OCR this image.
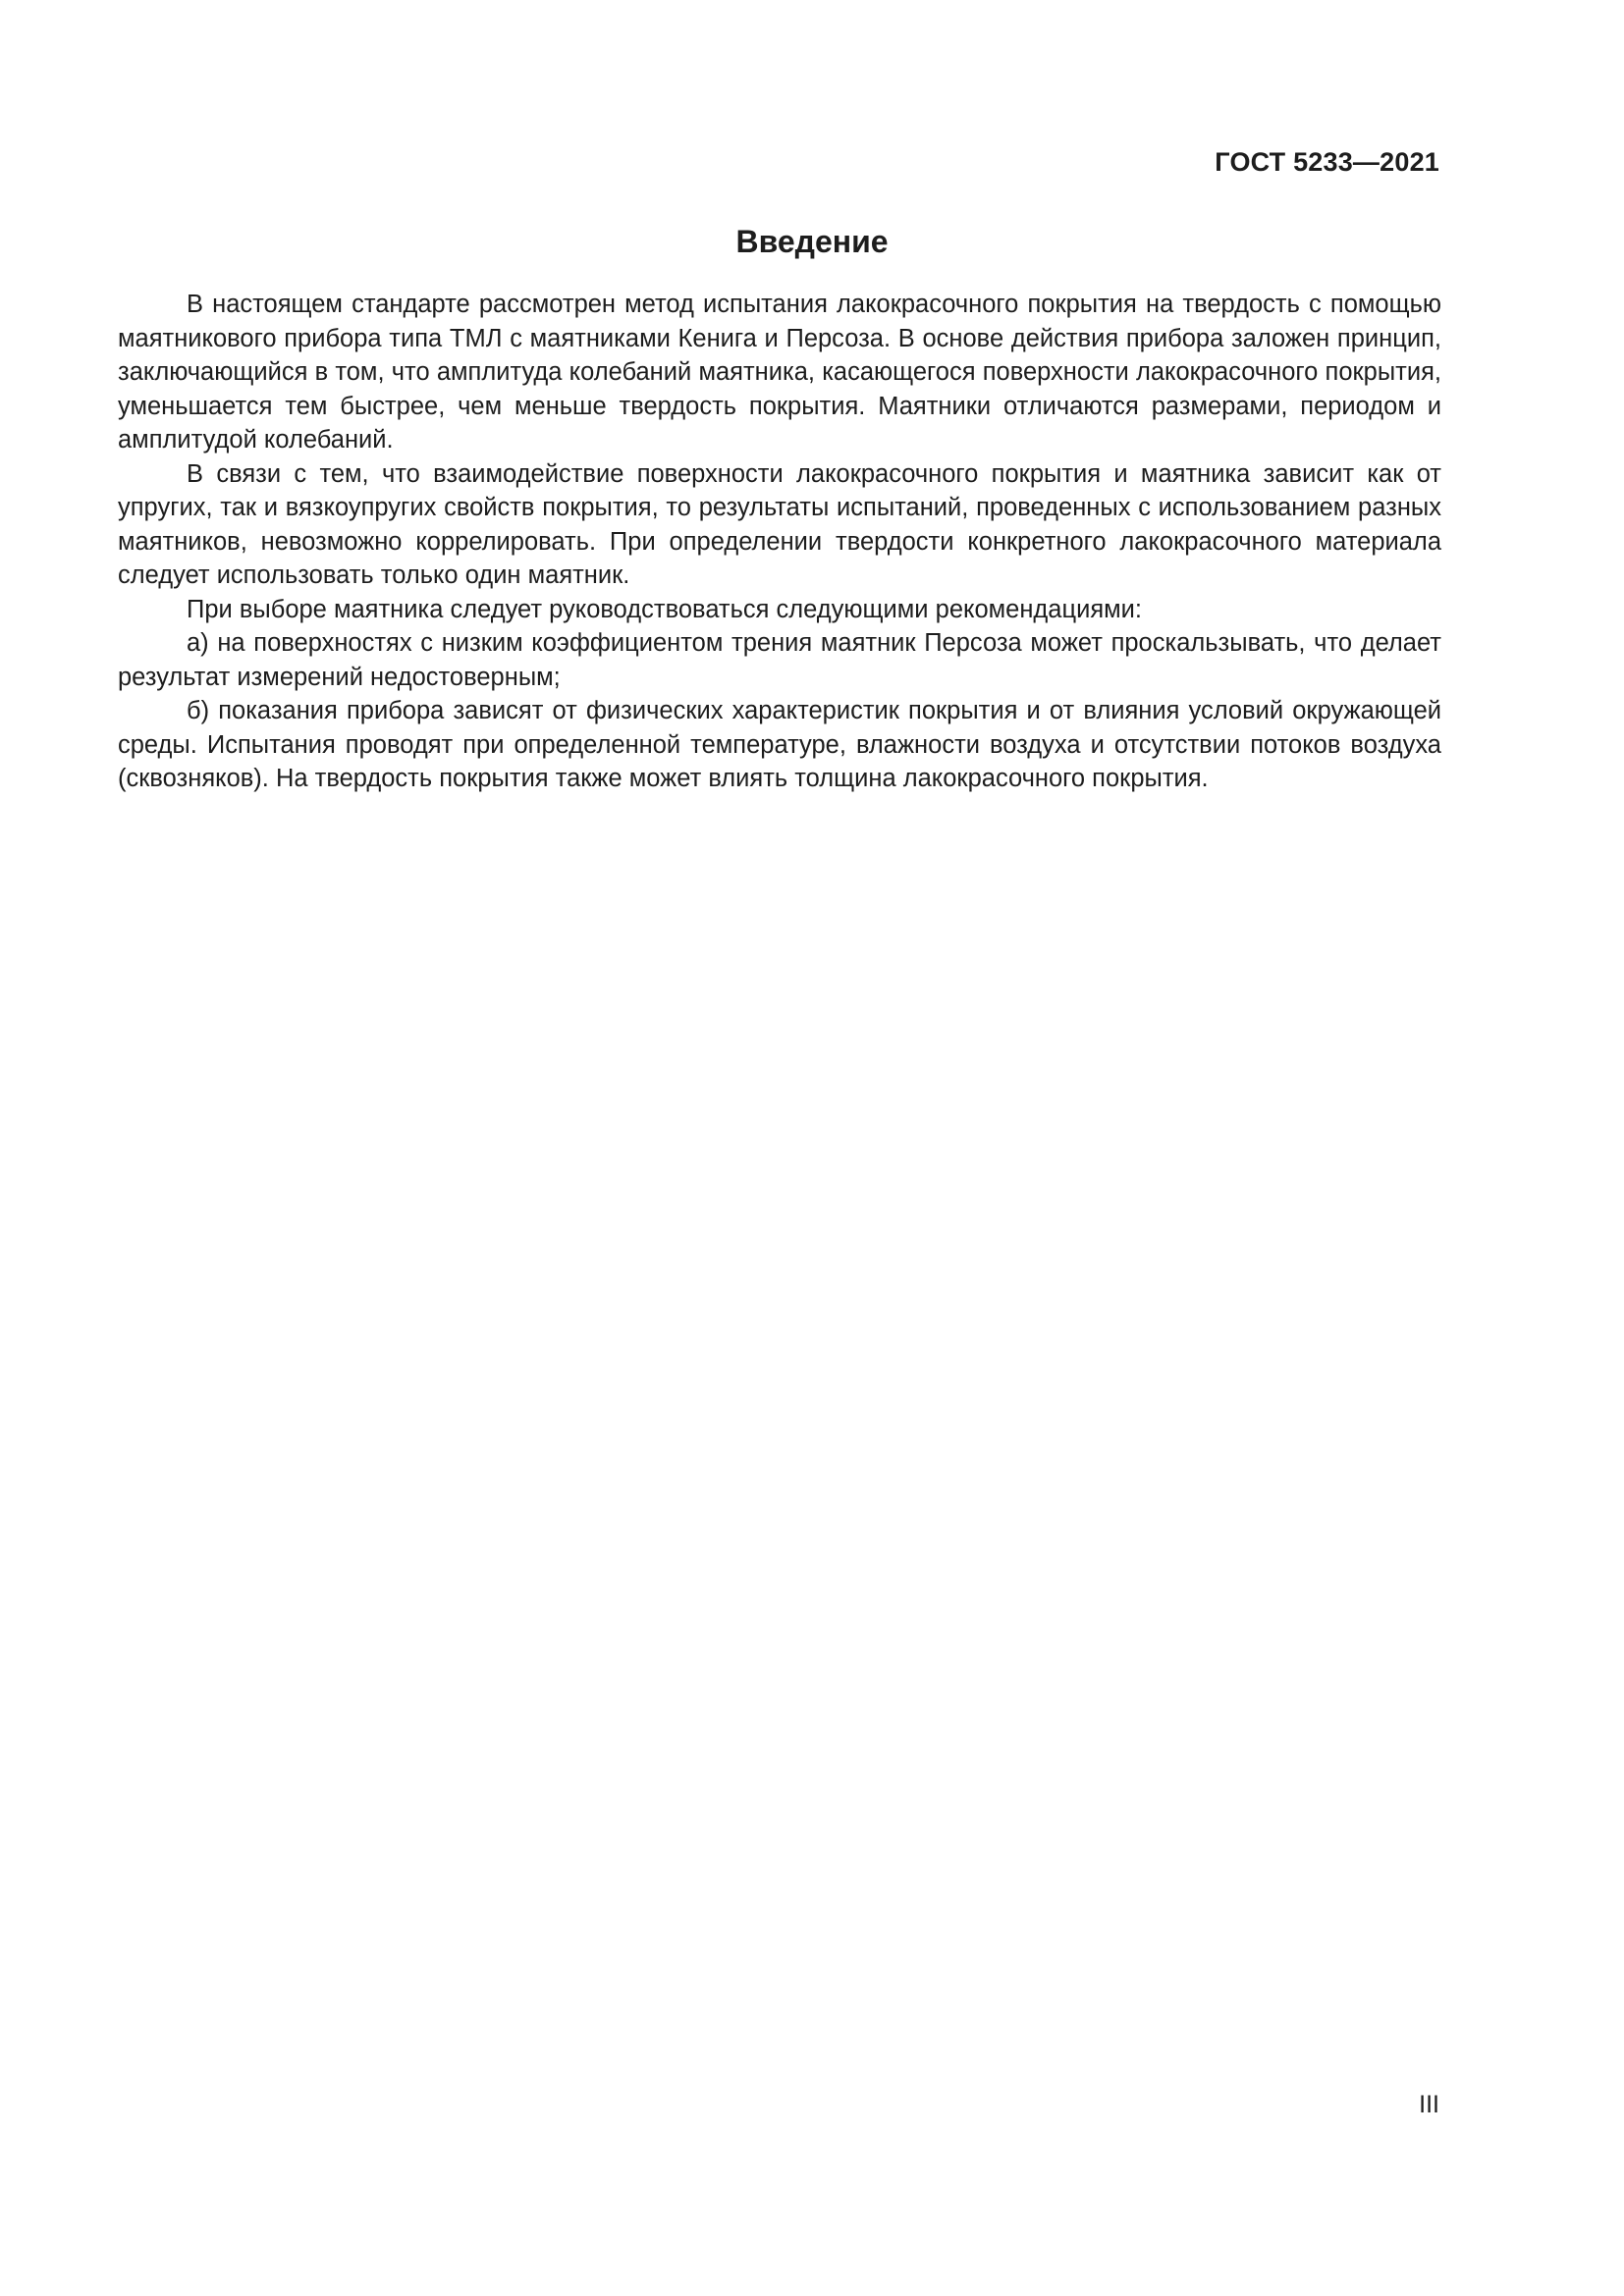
ГОСТ 5233—2021
Введение

В настоящем стандарте рассмотрен метод испытания лакокрасочного покрытия на твердость с помощью маятникового прибора типа ТМЛ с маятниками Кенига и Персоза. В основе действия прибора заложен принцип, заключающийся в том, что амплитуда колебаний маятника, касающегося поверхности лакокрасочного покрытия, уменьшается тем быстрее, чем меньше твердость покрытия. Маятники отличаются размерами, периодом и амплитудой колебаний.

В связи с тем, что взаимодействие поверхности лакокрасочного покрытия и маятника зависит как от упругих, так и вязкоупругих свойств покрытия, то результаты испытаний, проведенных с использованием разных маятников, невозможно коррелировать. При определении твердости конкретного лакокрасочного материала следует использовать только один маятник.

При выборе маятника следует руководствоваться следующими рекомендациями:

а) на поверхностях с низким коэффициентом трения маятник Персоза может проскальзывать, что делает результат измерений недостоверным;

б) показания прибора зависят от физических характеристик покрытия и от влияния условий окружающей среды. Испытания проводят при определенной температуре, влажности воздуха и отсутствии потоков воздуха (сквозняков). На твердость покрытия также может влиять толщина лакокрасочного покрытия.

III
